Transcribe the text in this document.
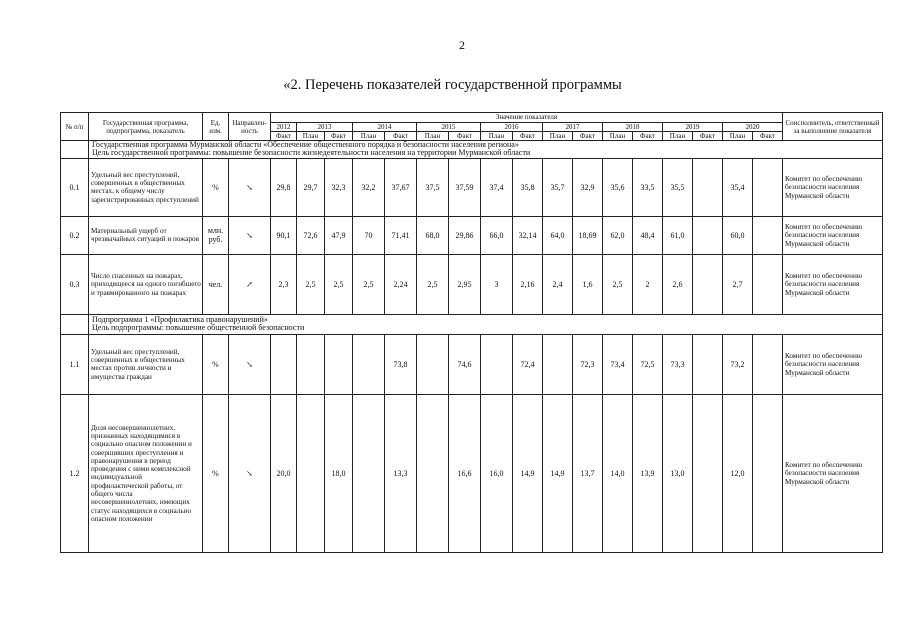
2
«2. Перечень показателей государственной программы
№ п/п	Государственная программа, подпрограмма, показатель	Ед. изм.	Направлен-ность	Значение показателя																	Соисполнитель, ответственный за выполнение показателя
				2012	2013		2014		2015		2016		2017		2018		2019		2020		
				Факт	План	Факт	План	Факт	План	Факт	План	Факт	План	Факт	План	Факт	План	Факт	План	Факт	
	Государственная программа Мурманской области «Обеспечение общественного порядка и безопасности населения региона»
Цель государственной программы: повышение безопасности жизнедеятельности населения на территории Мурманской области																				
0.1	Удельный вес преступлений, совершенных в общественных местах, к общему числу зарегистрированных преступлений	%	↘	29,8	29,7	32,3	32,2	37,67	37,5	37,59	37,4	35,8	35,7	32,9	35,6	33,5	35,5		35,4		Комитет по обеспечению безопасности населения Мурманской области
0.2	Материальный ущерб от чрезвычайных ситуаций и пожаров	млн. руб.	↘	90,1	72,6	47,9	70	71,41	68,0	29,86	66,0	32,14	64,0	18,69	62,0	48,4	61,0		60,0		Комитет по обеспечению безопасности населения Мурманской области
0.3	Число спасенных на пожарах, приходящееся на одного погибшего и травмированного на пожарах	чел.	↗	2,3	2,5	2,5	2,5	2,24	2,5	2,95	3	2,16	2,4	1,6	2,5	2	2,6		2,7		Комитет по обеспечению безопасности населения Мурманской области
	Подпрограмма 1 «Профилактика правонарушений»
Цель подпрограммы: повышение общественной безопасности																				
1.1	Удельный вес преступлений, совершенных в общественных местах против личности и имущества граждан	%	↘					73,8		74,6		72,4		72,3	73,4	72,5	73,3		73,2		Комитет по обеспечению безопасности населения Мурманской области
1.2	Доля несовершеннолетних, признанных находящимися в социально опасном положении и совершивших преступления и правонарушения в период проведения с ними комплексной индивидуальной профилактической работы, от общего числа несовершеннолетних, имеющих статус находящихся в социально опасном положении	%	↘	20,0		18,0		13,3		16,6	16,0	14,9	14,9	13,7	14,0	13,9	13,0		12,0		Комитет по обеспечению безопасности населения Мурманской области
